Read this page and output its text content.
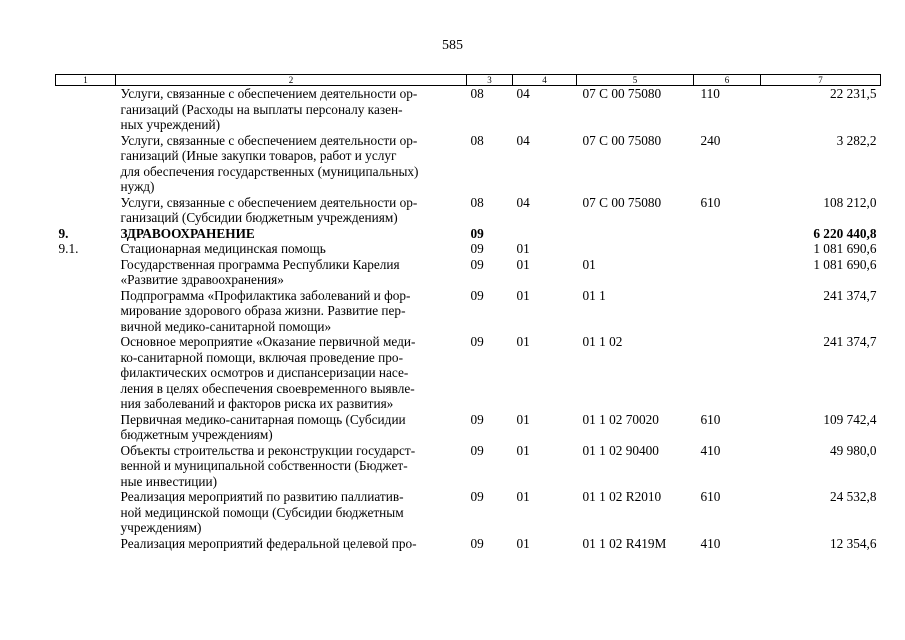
585
1	2	3	4	5	6	7

	Услуги, связанные с обеспечением деятельности ор-
ганизаций (Расходы на выплаты персоналу казен-
ных учреждений)	08	04	07 С 00 75080	110	22 231,5

	Услуги, связанные с обеспечением деятельности ор-
ганизаций (Иные закупки товаров, работ и услуг
для обеспечения государственных (муниципальных)
нужд)	08	04	07 С 00 75080	240	3 282,2

	Услуги, связанные с обеспечением деятельности ор-
ганизаций (Субсидии бюджетным учреждениям)	08	04	07 С 00 75080	610	108 212,0
9.	ЗДРАВООХРАНЕНИЕ	09				6 220 440,8
9.1.	Стационарная медицинская помощь	09	01			1 081 690,6

	Государственная программа Республики Карелия
«Развитие здравоохранения»	09	01	01		1 081 690,6

	Подпрограмма «Профилактика заболеваний и фор-
мирование здорового образа жизни. Развитие пер-
вичной медико-санитарной помощи»	09	01	01 1		241 374,7

	Основное мероприятие «Оказание первичной меди-
ко-санитарной помощи, включая проведение про-
филактических осмотров и диспансеризации насе-
ления в целях обеспечения своевременного выявле-
ния заболеваний и факторов риска их развития»	09	01	01 1 02		241 374,7

	Первичная медико-санитарная помощь (Субсидии
бюджетным учреждениям)	09	01	01 1 02 70020	610	109 742,4

	Объекты строительства и реконструкции государст-
венной и муниципальной собственности (Бюджет-
ные инвестиции)	09	01	01 1 02 90400	410	49 980,0

	Реализация мероприятий по развитию паллиатив-
ной медицинской помощи (Субсидии бюджетным
учреждениям)	09	01	01 1 02 R2010	610	24 532,8

	Реализация мероприятий федеральной целевой про-	09	01	01 1 02 R419M	410	12 354,6
